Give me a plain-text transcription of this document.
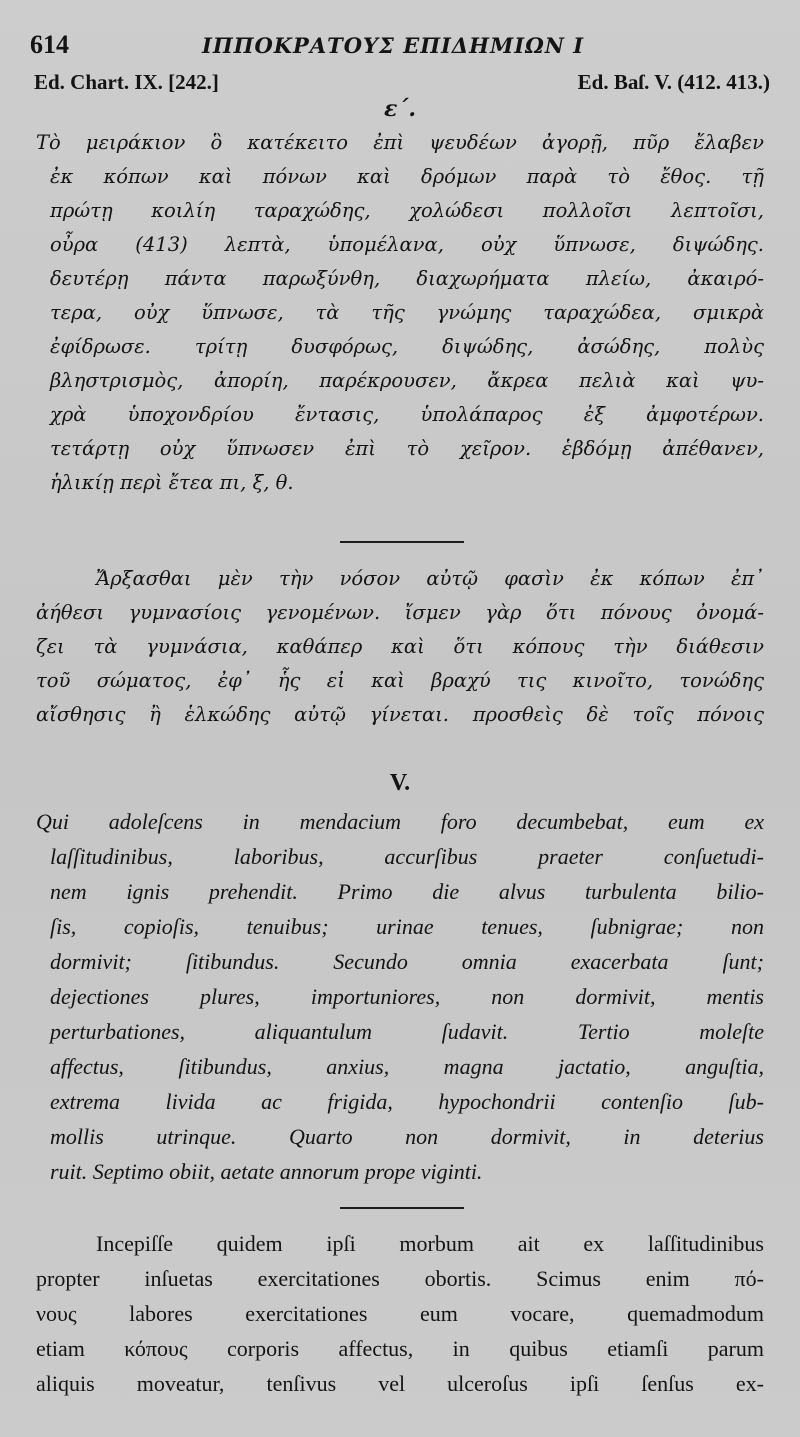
614	ΙΠΠΟΚΡΑΤΟΥΣ ΕΠΙΔΗΜΙΩΝ Ι
Ed. Chart. IX. [242.]	Ed. Baſ. V. (412. 413.)
ε΄.
Τὸ μειράκιον ὃ κατέκειτο ἐπὶ ψευδέων ἀγορῇ, πῦρ ἔλαβεν
ἐκ κόπων καὶ πόνων καὶ δρόμων παρὰ τὸ ἔθος. τῇ
πρώτῃ κοιλίη ταραχώδης, χολώδεσι πολλοῖσι λεπτοῖσι,
οὖρα (413) λεπτὰ, ὑπομέλανα, οὐχ ὕπνωσε, διψώδης.
δευτέρῃ πάντα παρωξύνθη, διαχωρήματα πλείω, ἀκαιρό-
τερα, οὐχ ὕπνωσε, τὰ τῆς γνώμης ταραχώδεα, σμικρὰ
ἐφίδρωσε. τρίτῃ δυσφόρως, διψώδης, ἀσώδης, πολὺς
βληστρισμὸς, ἀπορίη, παρέκρουσεν, ἄκρεα πελιὰ καὶ ψυ-
χρὰ ὑποχονδρίου ἔντασις, ὑπολάπαρος ἐξ ἀμφοτέρων.
τετάρτῃ οὐχ ὕπνωσεν ἐπὶ τὸ χεῖρον. ἑβδόμῃ ἀπέθανεν,
ἡλικίῃ περὶ ἔτεα πι, ξ, θ.
Ἄρξασθαι μὲν τὴν νόσον αὐτῷ φασὶν ἐκ κόπων ἐπ᾽
ἀήθεσι γυμνασίοις γενομένων. ἴσμεν γὰρ ὅτι πόνους ὀνομά-
ζει τὰ γυμνάσια, καθάπερ καὶ ὅτι κόπους τὴν διάθεσιν
τοῦ σώματος, ἐφ᾽ ἧς εἰ καὶ βραχύ τις κινοῖτο, τονώδης
αἴσθησις ἢ ἑλκώδης αὐτῷ γίνεται. προσθεὶς δὲ τοῖς πόνοις
V.
Qui adoleſcens in mendacium foro decumbebat, eum ex
laſſitudinibus, laboribus, accurſibus praeter conſuetudi-
nem ignis prehendit. Primo die alvus turbulenta bilio-
ſis, copioſis, tenuibus; urinae tenues, ſubnigrae; non
dormivit; ſitibundus. Secundo omnia exacerbata ſunt;
dejectiones plures, importuniores, non dormivit, mentis
perturbationes, aliquantulum ſudavit. Tertio moleſte
affectus, ſitibundus, anxius, magna jactatio, anguſtia,
extrema livida ac frigida, hypochondrii contenſio ſub-
mollis utrinque. Quarto non dormivit, in deterius
ruit. Septimo obiit, aetate annorum prope viginti.
Incepiſſe quidem ipſi morbum ait ex laſſitudinibus
propter inſuetas exercitationes obortis. Scimus enim πό-
νους labores exercitationes eum vocare, quemadmodum
etiam κόπους corporis affectus, in quibus etiamſi parum
aliquis moveatur, tenſivus vel ulceroſus ipſi ſenſus ex-
